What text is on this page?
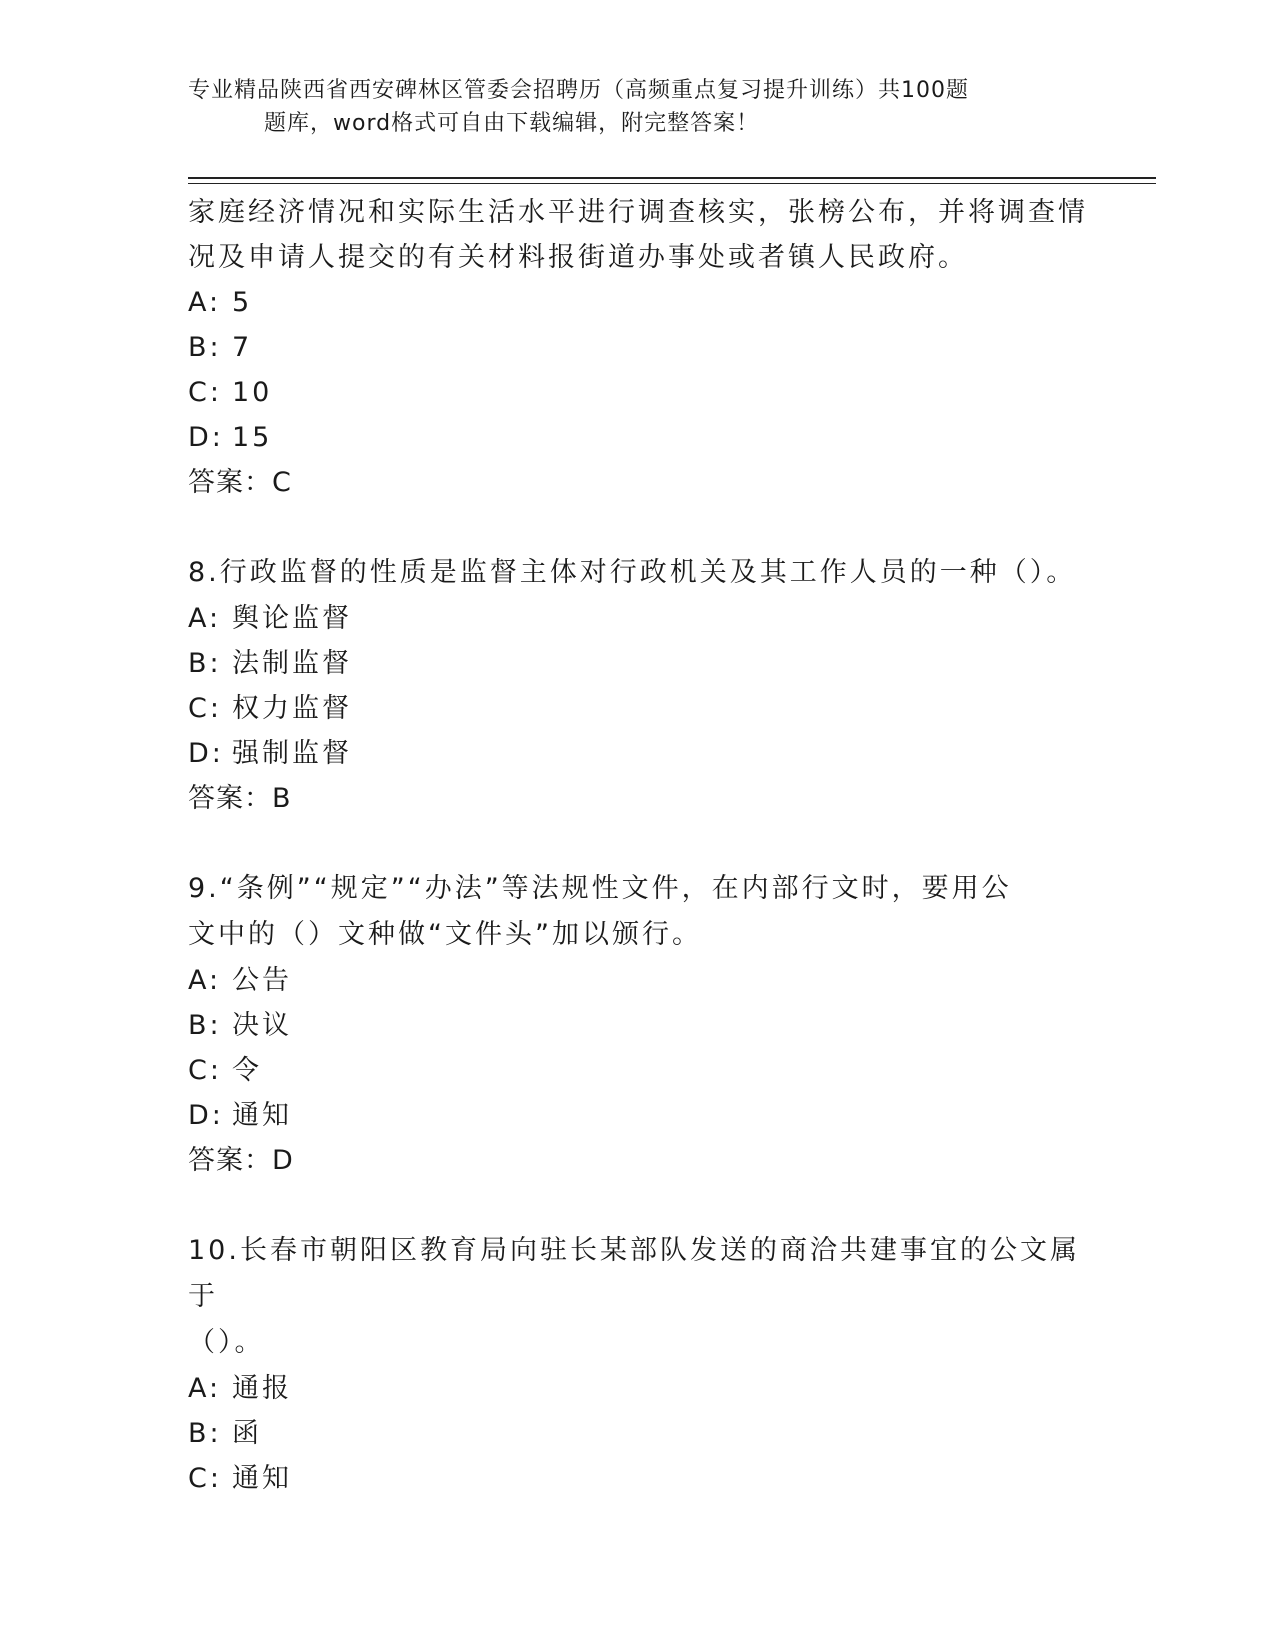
专业精品陕西省西安碑林区管委会招聘历（高频重点复习提升训练）共100题
题库，word格式可自由下载编辑，附完整答案！

家庭经济情况和实际生活水平进行调查核实，张榜公布，并将调查情

况及申请人提交的有关材料报街道办事处或者镇人民政府。

A: 5

B: 7

C: 10

D: 15

答案：C

8.行政监督的性质是监督主体对行政机关及其工作人员的一种（）。

A: 舆论监督

B: 法制监督

C: 权力监督

D: 强制监督

答案：B

9.“条例”“规定”“办法”等法规性文件，在内部行文时，要用公

文中的（）文种做“文件头”加以颁行。

A: 公告

B: 决议

C: 令

D: 通知

答案：D

10.长春市朝阳区教育局向驻长某部队发送的商洽共建事宜的公文属于

（）。

A: 通报

B: 函

C: 通知
